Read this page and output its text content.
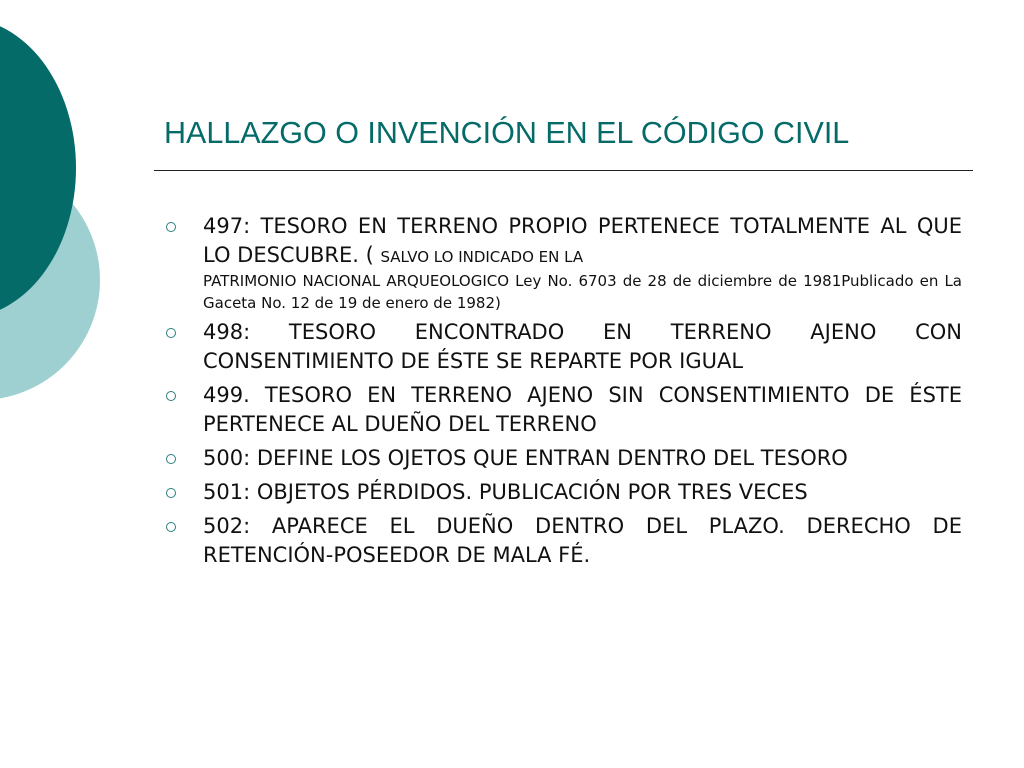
HALLAZGO O INVENCIÓN EN EL CÓDIGO CIVIL
497: TESORO EN TERRENO PROPIO PERTENECE TOTALMENTE AL QUE LO DESCUBRE. ( SALVO LO INDICADO EN LA
PATRIMONIO NACIONAL ARQUEOLOGICO Ley No. 6703 de 28 de diciembre de 1981Publicado en La Gaceta No. 12 de 19 de enero de 1982)
498: TESORO ENCONTRADO EN TERRENO AJENO CON CONSENTIMIENTO DE ÉSTE SE REPARTE POR IGUAL
499. TESORO EN TERRENO AJENO SIN CONSENTIMIENTO DE ÉSTE PERTENECE AL DUEÑO DEL TERRENO
500: DEFINE LOS OJETOS QUE ENTRAN DENTRO DEL TESORO
501: OBJETOS PÉRDIDOS. PUBLICACIÓN POR TRES VECES
502: APARECE EL DUEÑO DENTRO DEL PLAZO. DERECHO DE RETENCIÓN-POSEEDOR DE MALA FÉ.
